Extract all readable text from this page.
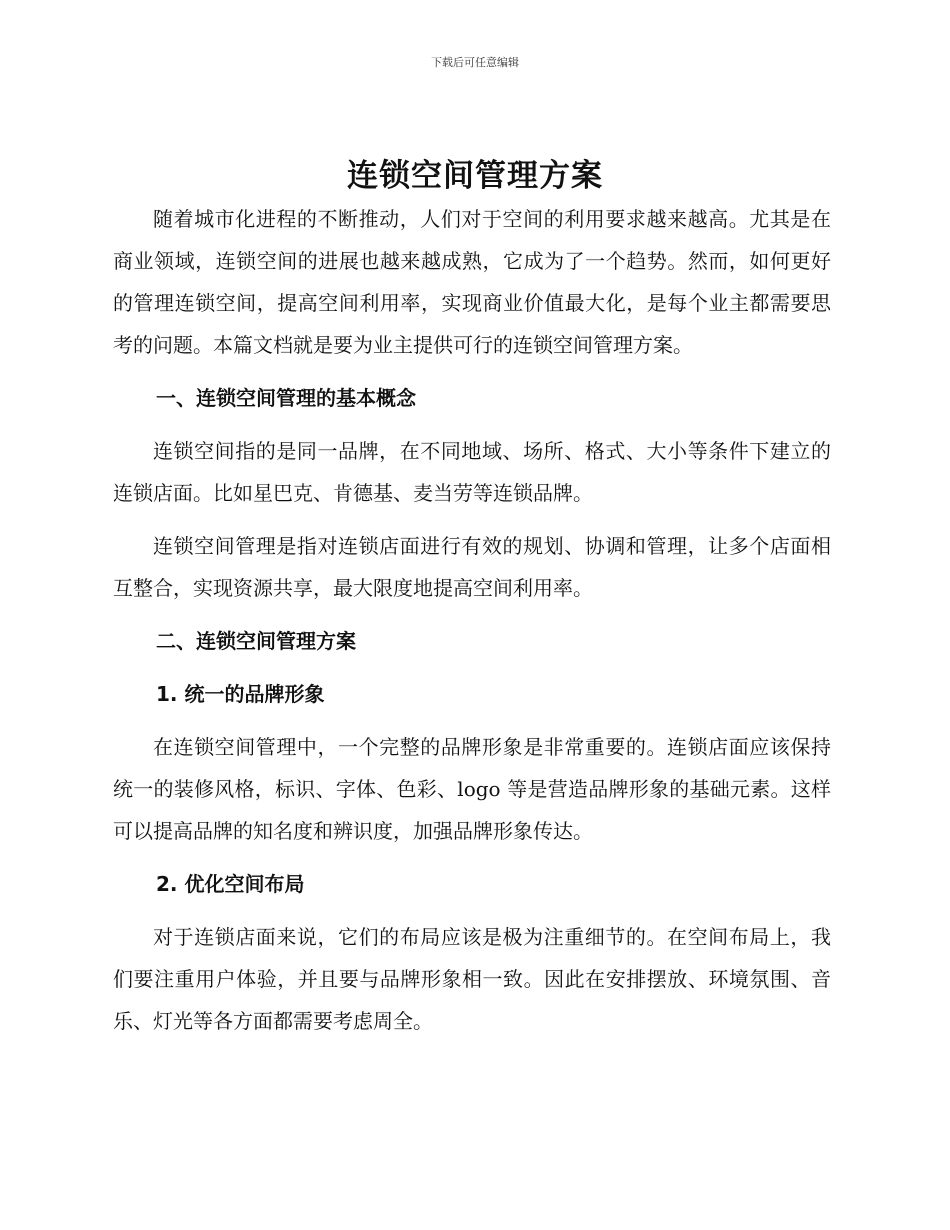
下载后可任意编辑
连锁空间管理方案

随着城市化进程的不断推动，人们对于空间的利用要求越来越高。尤其是在商业领域，连锁空间的进展也越来越成熟，它成为了一个趋势。然而，如何更好的管理连锁空间，提高空间利用率，实现商业价值最大化，是每个业主都需要思考的问题。本篇文档就是要为业主提供可行的连锁空间管理方案。

一、连锁空间管理的基本概念

连锁空间指的是同一品牌，在不同地域、场所、格式、大小等条件下建立的连锁店面。比如星巴克、肯德基、麦当劳等连锁品牌。

连锁空间管理是指对连锁店面进行有效的规划、协调和管理，让多个店面相互整合，实现资源共享，最大限度地提高空间利用率。

二、连锁空间管理方案
1. 统一的品牌形象

在连锁空间管理中，一个完整的品牌形象是非常重要的。连锁店面应该保持统一的装修风格，标识、字体、色彩、logo 等是营造品牌形象的基础元素。这样可以提高品牌的知名度和辨识度，加强品牌形象传达。

2. 优化空间布局

对于连锁店面来说，它们的布局应该是极为注重细节的。在空间布局上，我们要注重用户体验，并且要与品牌形象相一致。因此在安排摆放、环境氛围、音乐、灯光等各方面都需要考虑周全。
